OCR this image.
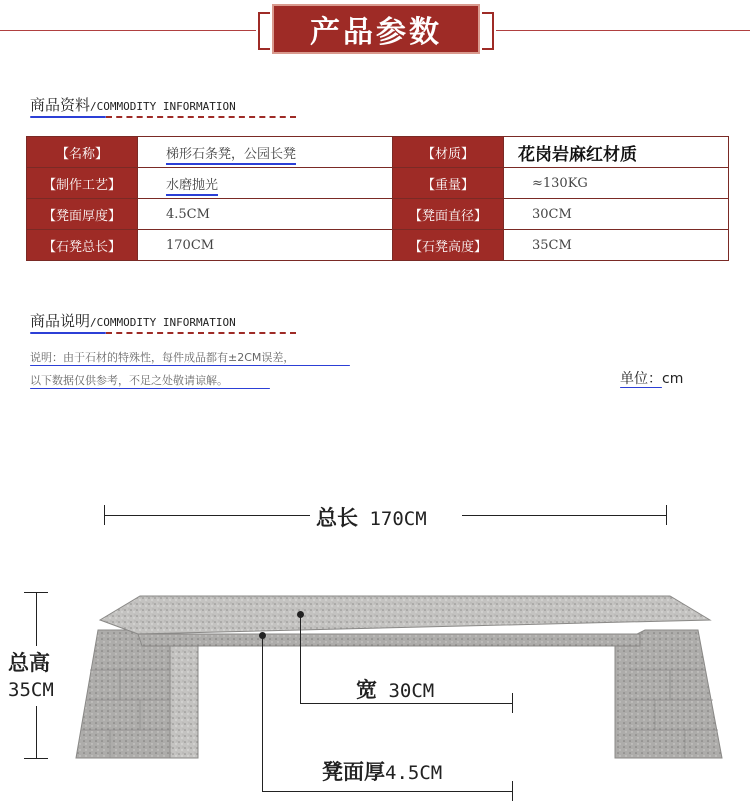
产品参数
商品资料/COMMODITY INFORMATION
【名称】	梯形石条凳，公园长凳	【材质】	花岗岩麻红材质
【制作工艺】	水磨抛光	【重量】	≈130KG
【凳面厚度】	4.5CM	【凳面直径】	30CM
【石凳总长】	170CM	【石凳高度】	35CM
商品说明/COMMODITY INFORMATION
说明：由于石材的特殊性，每件成品都有±2CM误差，
以下数据仅供参考，不足之处敬请谅解。	单位：cm
总长 170CM
总高
35CM	宽 30CM
凳面厚4.5CM
